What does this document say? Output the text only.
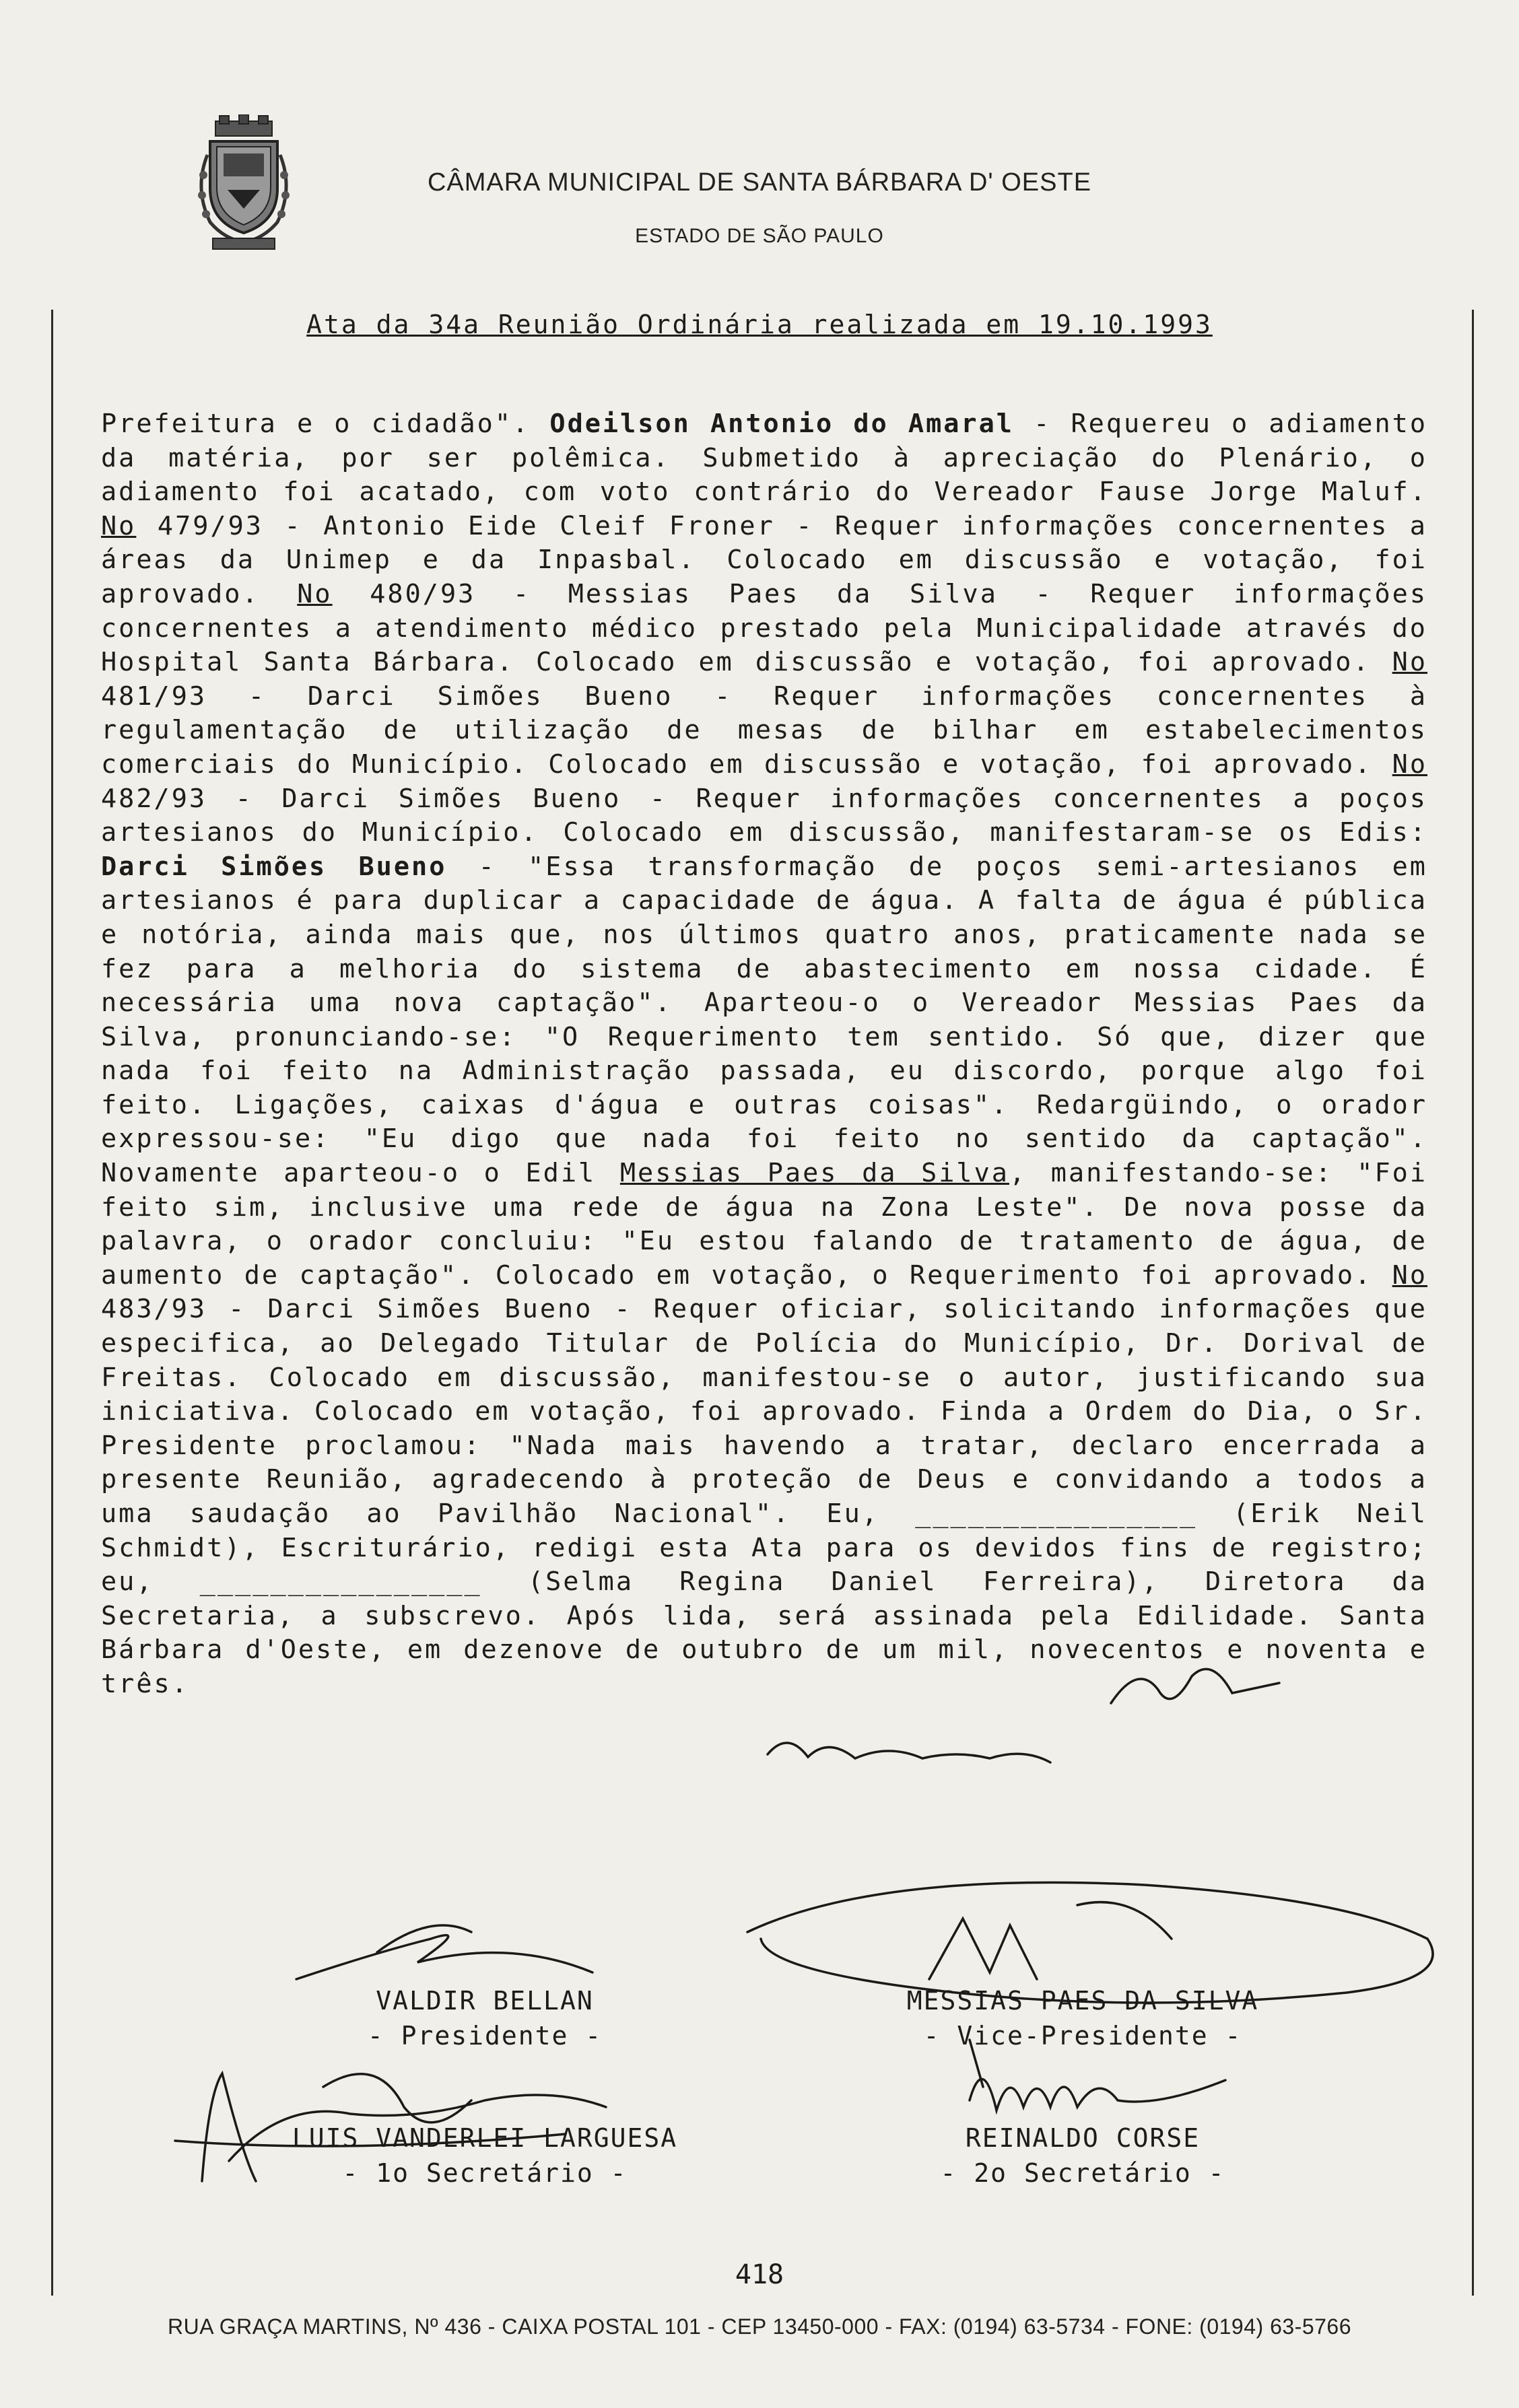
CÂMARA MUNICIPAL DE SANTA BÁRBARA D' OESTE
ESTADO DE SÃO PAULO
Ata da 34a Reunião Ordinária realizada em 19.10.1993

Prefeitura e o cidadão". Odeilson Antonio do Amaral - Requereu o adiamento da matéria, por ser polêmica. Submetido à apreciação do Plenário, o adiamento foi acatado, com voto contrário do Vereador Fause Jorge Maluf. No 479/93 - Antonio Eide Cleif Froner - Requer informações concernentes a áreas da Unimep e da Inpasbal. Colocado em discussão e votação, foi aprovado. No 480/93 - Messias Paes da Silva - Requer informações concernentes a atendimento médico prestado pela Municipalidade através do Hospital Santa Bárbara. Colocado em discussão e votação, foi aprovado. No 481/93 - Darci Simões Bueno - Requer informações concernentes à regulamentação de utilização de mesas de bilhar em estabelecimentos comerciais do Município. Colocado em discussão e votação, foi aprovado. No 482/93 - Darci Simões Bueno - Requer informações concernentes a poços artesianos do Município. Colocado em discussão, manifestaram-se os Edis: Darci Simões Bueno - "Essa transformação de poços semi-artesianos em artesianos é para duplicar a capacidade de água. A falta de água é pública e notória, ainda mais que, nos últimos quatro anos, praticamente nada se fez para a melhoria do sistema de abastecimento em nossa cidade. É necessária uma nova captação". Aparteou-o o Vereador Messias Paes da Silva, pronunciando-se: "O Requerimento tem sentido. Só que, dizer que nada foi feito na Administração passada, eu discordo, porque algo foi feito. Ligações, caixas d'água e outras coisas". Redargüindo, o orador expressou-se: "Eu digo que nada foi feito no sentido da captação". Novamente aparteou-o o Edil Messias Paes da Silva, manifestando-se: "Foi feito sim, inclusive uma rede de água na Zona Leste". De nova posse da palavra, o orador concluiu: "Eu estou falando de tratamento de água, de aumento de captação". Colocado em votação, o Requerimento foi aprovado. No 483/93 - Darci Simões Bueno - Requer oficiar, solicitando informações que especifica, ao Delegado Titular de Polícia do Município, Dr. Dorival de Freitas. Colocado em discussão, manifestou-se o autor, justificando sua iniciativa. Colocado em votação, foi aprovado. Finda a Ordem do Dia, o Sr. Presidente proclamou: "Nada mais havendo a tratar, declaro encerrada a presente Reunião, agradecendo à proteção de Deus e convidando a todos a uma saudação ao Pavilhão Nacional". Eu, ________________ (Erik Neil Schmidt), Escriturário, redigi esta Ata para os devidos fins de registro; eu, ________________ (Selma Regina Daniel Ferreira), Diretora da Secretaria, a subscrevo. Após lida, será assinada pela Edilidade. Santa Bárbara d'Oeste, em dezenove de outubro de um mil, novecentos e noventa e três.

VALDIR BELLAN
- Presidente -
MESSIAS PAES DA SILVA
- Vice-Presidente -
LUIS VANDERLEI LARGUESA
- 1o Secretário -
REINALDO CORSE
- 2o Secretário -
418
RUA GRAÇA MARTINS, Nº 436 - CAIXA POSTAL 101 - CEP 13450-000 - FAX: (0194) 63-5734 - FONE: (0194) 63-5766
